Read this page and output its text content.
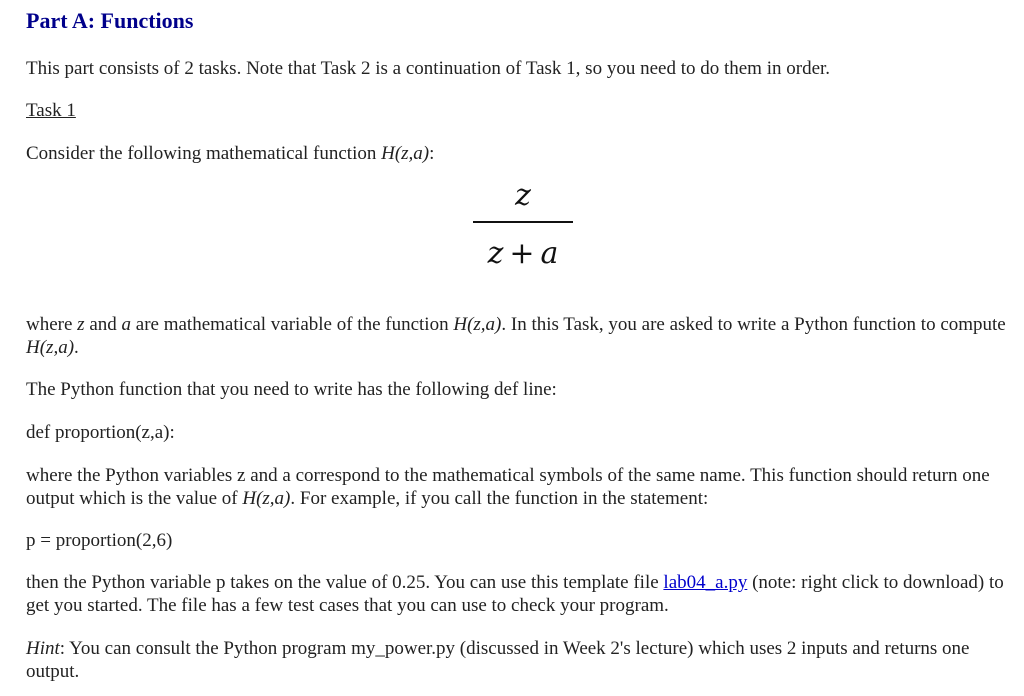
Part A: Functions

This part consists of 2 tasks. Note that Task 2 is a continuation of Task 1, so you need to do them in order.

Task 1

Consider the following mathematical function H(z,a):

z
z + a

where z and a are mathematical variable of the function H(z,a). In this Task, you are asked to write a Python function to compute H(z,a).

The Python function that you need to write has the following def line:

def proportion(z,a):

where the Python variables z and a correspond to the mathematical symbols of the same name. This function should return one output which is the value of H(z,a). For example, if you call the function in the statement:

p = proportion(2,6)

then the Python variable p takes on the value of 0.25. You can use this template file lab04_a.py (note: right click to download) to get you started. The file has a few test cases that you can use to check your program.

Hint: You can consult the Python program my_power.py (discussed in Week 2's lecture) which uses 2 inputs and returns one output.
